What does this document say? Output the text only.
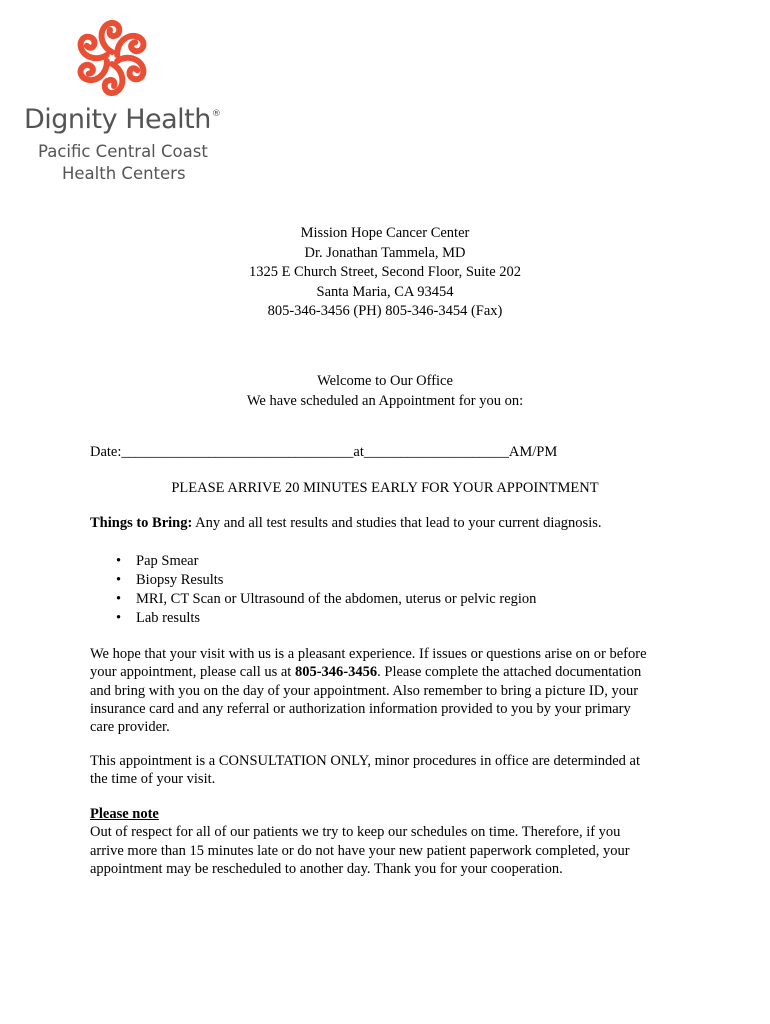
Dignity Health®
Pacific Central Coast
Health Centers
Mission Hope Cancer Center
Dr. Jonathan Tammela, MD
1325 E Church Street, Second Floor, Suite 202
Santa Maria, CA 93454
805-346-3456 (PH) 805-346-3454 (Fax)
Welcome to Our Office
We have scheduled an Appointment for you on:
Date:________________________________at____________________AM/PM
PLEASE ARRIVE 20 MINUTES EARLY FOR YOUR APPOINTMENT
Things to Bring: Any and all test results and studies that lead to your current diagnosis.
• Pap Smear
• Biopsy Results
• MRI, CT Scan or Ultrasound of the abdomen, uterus or pelvic region
• Lab results
We hope that your visit with us is a pleasant experience. If issues or questions arise on or before
your appointment, please call us at 805-346-3456. Please complete the attached documentation
and bring with you on the day of your appointment. Also remember to bring a picture ID, your
insurance card and any referral or authorization information provided to you by your primary
care provider.
This appointment is a CONSULTATION ONLY, minor procedures in office are determinded at
the time of your visit.
Please note
Out of respect for all of our patients we try to keep our schedules on time. Therefore, if you
arrive more than 15 minutes late or do not have your new patient paperwork completed, your
appointment may be rescheduled to another day. Thank you for your cooperation.
